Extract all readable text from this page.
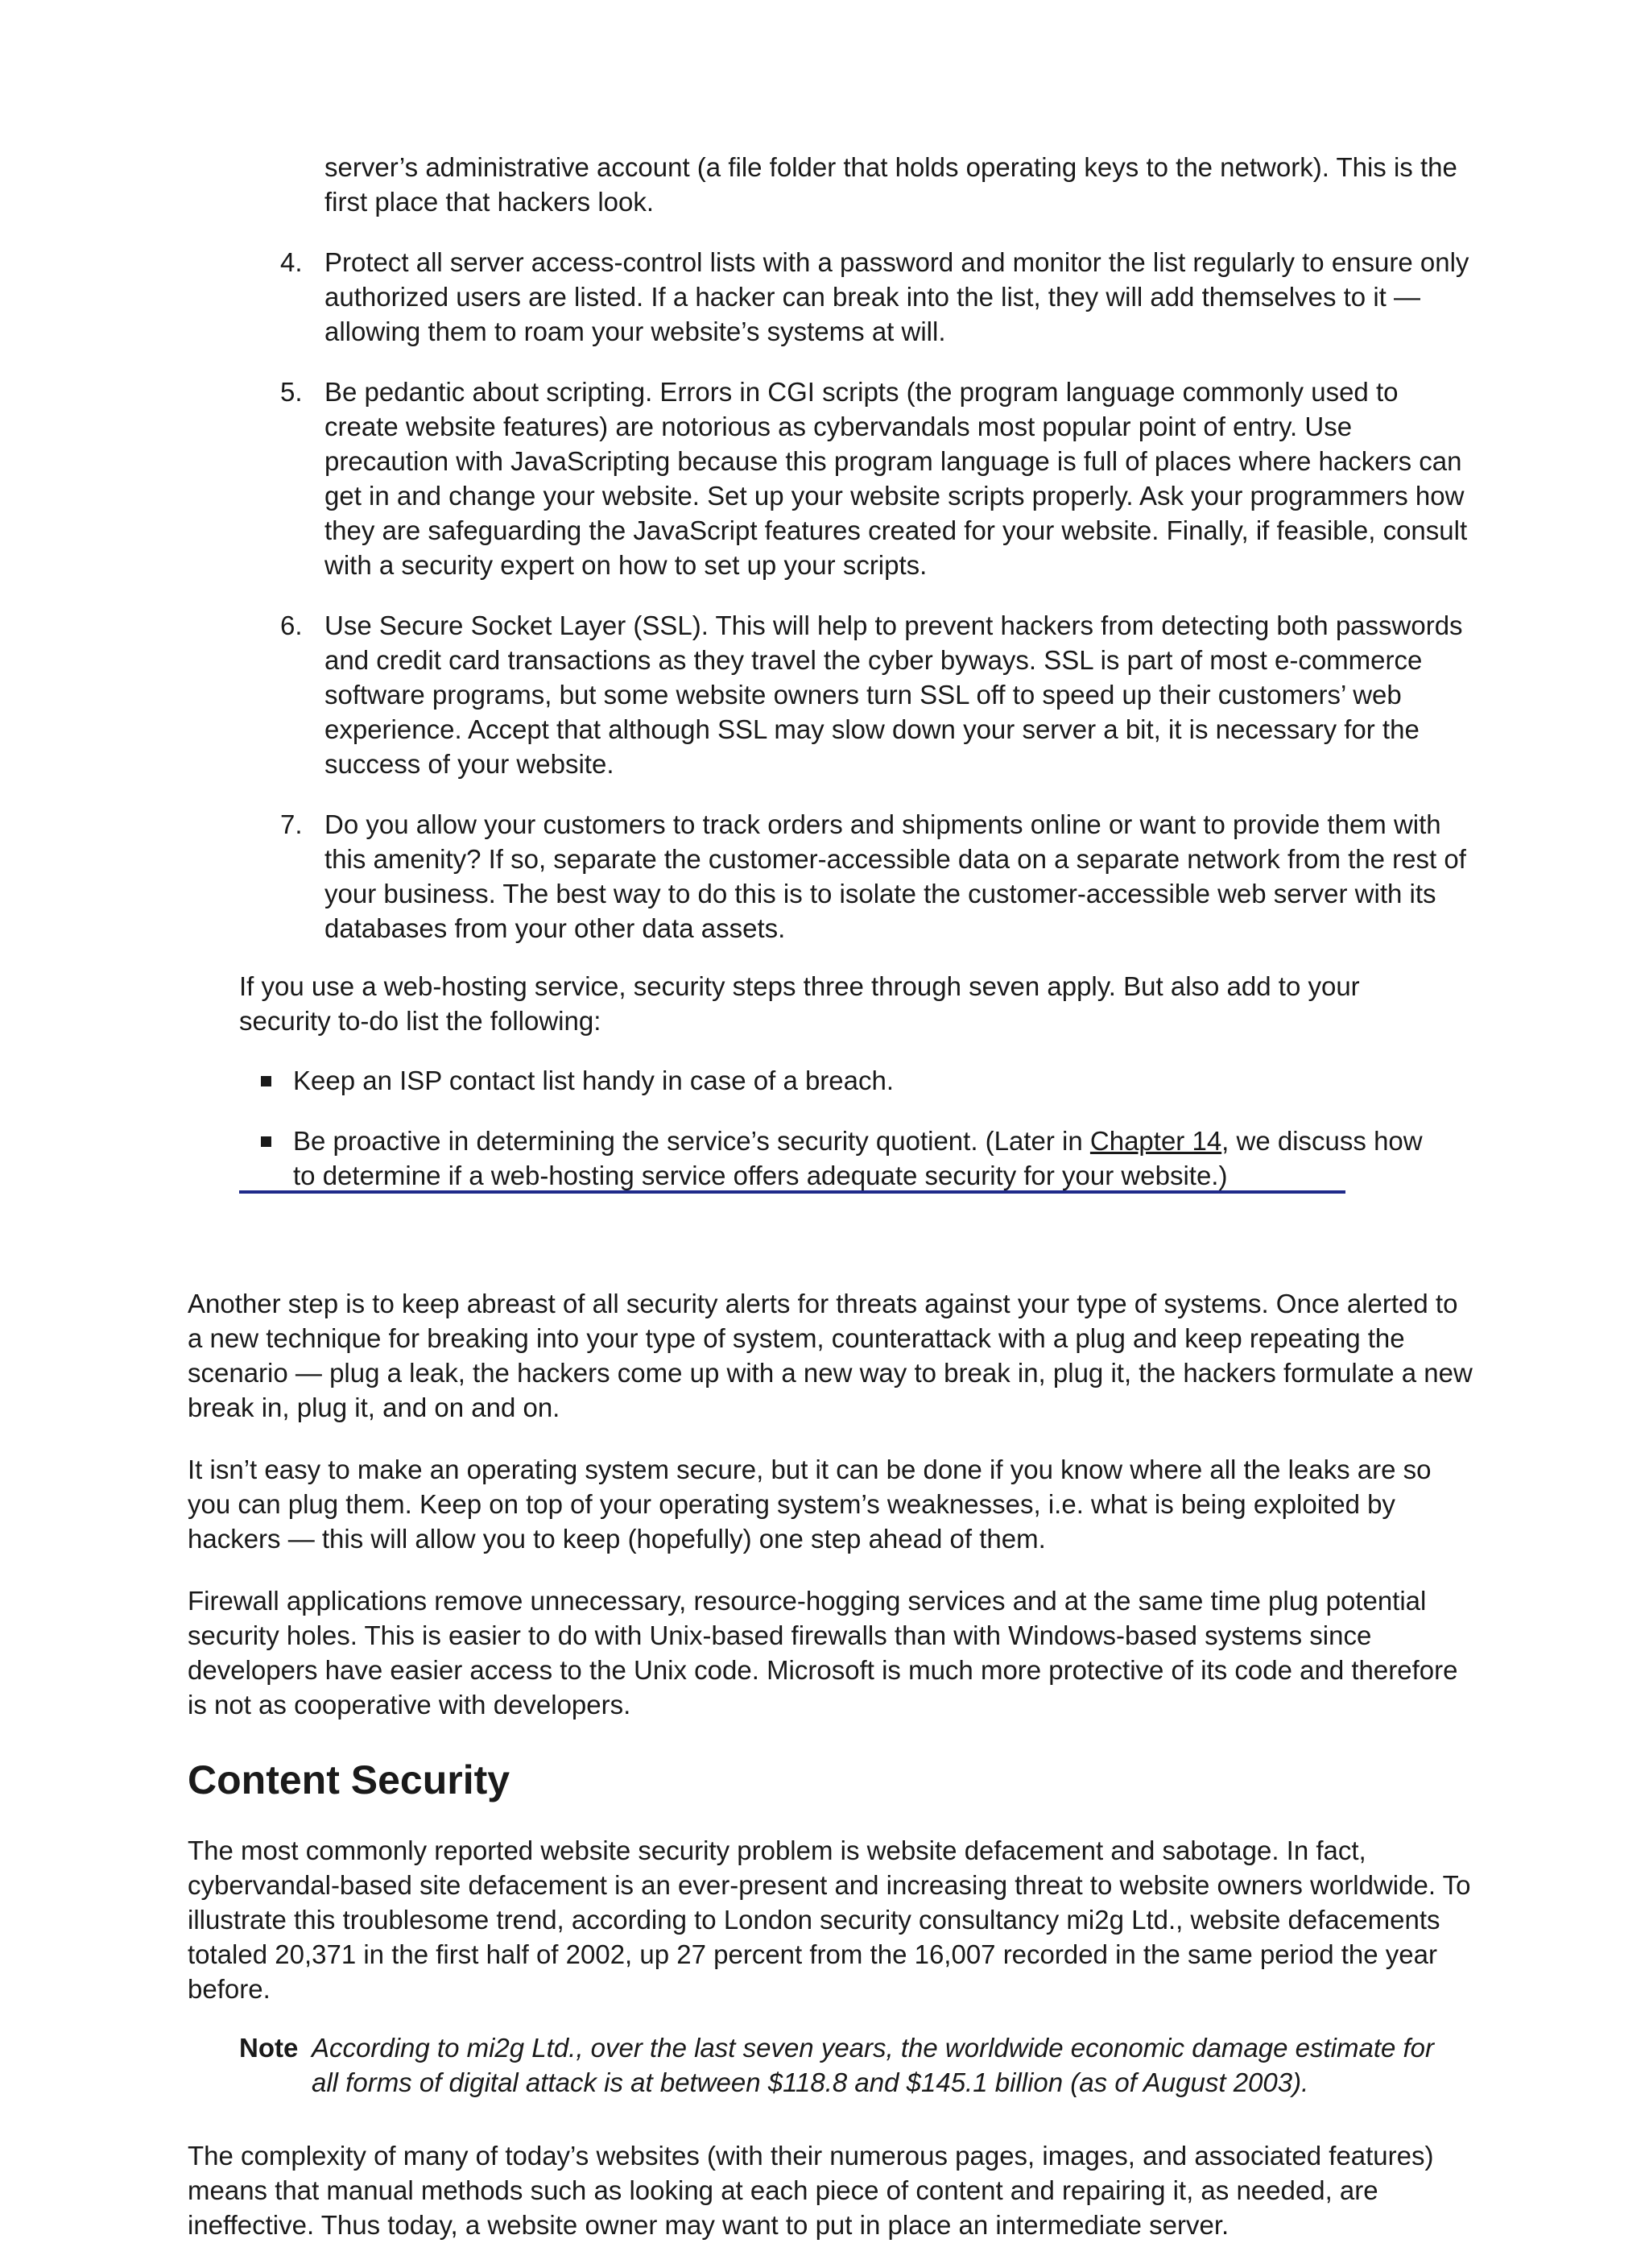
server’s administrative account (a file folder that holds operating keys to the network). This is the first place that hackers look.

4. Protect all server access-control lists with a password and monitor the list regularly to ensure only authorized users are listed. If a hacker can break into the list, they will add themselves to it — allowing them to roam your website’s systems at will.
5. Be pedantic about scripting. Errors in CGI scripts (the program language commonly used to create website features) are notorious as cybervandals most popular point of entry. Use precaution with JavaScripting because this program language is full of places where hackers can get in and change your website. Set up your website scripts properly. Ask your programmers how they are safeguarding the JavaScript features created for your website. Finally, if feasible, consult with a security expert on how to set up your scripts.
6. Use Secure Socket Layer (SSL). This will help to prevent hackers from detecting both passwords and credit card transactions as they travel the cyber byways. SSL is part of most e-commerce software programs, but some website owners turn SSL off to speed up their customers’ web experience. Accept that although SSL may slow down your server a bit, it is necessary for the success of your website.
7. Do you allow your customers to track orders and shipments online or want to provide them with this amenity? If so, separate the customer-accessible data on a separate network from the rest of your business. The best way to do this is to isolate the customer-accessible web server with its databases from your other data assets.

If you use a web-hosting service, security steps three through seven apply. But also add to your security to-do list the following:

Keep an ISP contact list handy in case of a breach.
Be proactive in determining the service’s security quotient. (Later in Chapter 14, we discuss how to determine if a web-hosting service offers adequate security for your website.)

Another step is to keep abreast of all security alerts for threats against your type of systems. Once alerted to a new technique for breaking into your type of system, counterattack with a plug and keep repeating the scenario — plug a leak, the hackers come up with a new way to break in, plug it, the hackers formulate a new break in, plug it, and on and on.

It isn’t easy to make an operating system secure, but it can be done if you know where all the leaks are so you can plug them. Keep on top of your operating system’s weaknesses, i.e. what is being exploited by hackers — this will allow you to keep (hopefully) one step ahead of them.

Firewall applications remove unnecessary, resource-hogging services and at the same time plug potential security holes. This is easier to do with Unix-based firewalls than with Windows-based systems since developers have easier access to the Unix code. Microsoft is much more protective of its code and therefore is not as cooperative with developers.

Content Security

The most commonly reported website security problem is website defacement and sabotage. In fact, cybervandal-based site defacement is an ever-present and increasing threat to website owners worldwide. To illustrate this troublesome trend, according to London security consultancy mi2g Ltd., website defacements totaled 20,371 in the first half of 2002, up 27 percent from the 16,007 recorded in the same period the year before.

Note According to mi2g Ltd., over the last seven years, the worldwide economic damage estimate for all forms of digital attack is at between $118.8 and $145.1 billion (as of August 2003).

The complexity of many of today’s websites (with their numerous pages, images, and associated features) means that manual methods such as looking at each piece of content and repairing it, as needed, are ineffective. Thus today, a website owner may want to put in place an intermediate server.
